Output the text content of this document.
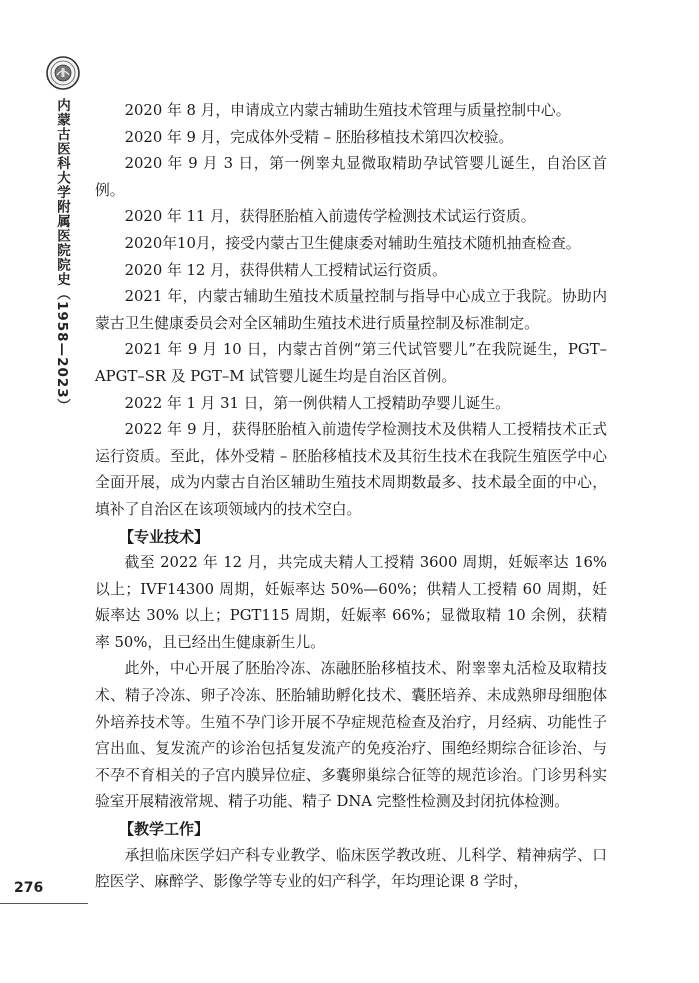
内蒙古医科大学附属医院院史（1958—2023）	2020 年 8 月，申请成立内蒙古辅助生殖技术管理与质量控制中心。

2020 年 9 月，完成体外受精 – 胚胎移植技术第四次校验。

2020 年 9 月 3 日，第一例睾丸显微取精助孕试管婴儿诞生，自治区首例。

2020 年 11 月，获得胚胎植入前遗传学检测技术试运行资质。

2020年10月，接受内蒙古卫生健康委对辅助生殖技术随机抽查检查。

2020 年 12 月，获得供精人工授精试运行资质。

2021 年，内蒙古辅助生殖技术质量控制与指导中心成立于我院。协助内蒙古卫生健康委员会对全区辅助生殖技术进行质量控制及标准制定。

2021 年 9 月 10 日，内蒙古首例“第三代试管婴儿”在我院诞生，PGT–APGT–SR 及 PGT–M 试管婴儿诞生均是自治区首例。

2022 年 1 月 31 日，第一例供精人工授精助孕婴儿诞生。

2022 年 9 月，获得胚胎植入前遗传学检测技术及供精人工授精技术正式运行资质。至此，体外受精 – 胚胎移植技术及其衍生技术在我院生殖医学中心全面开展，成为内蒙古自治区辅助生殖技术周期数最多、技术最全面的中心，填补了自治区在该项领域内的技术空白。

【专业技术】

截至 2022 年 12 月，共完成夫精人工授精 3600 周期，妊娠率达 16% 以上；IVF14300 周期，妊娠率达 50%—60%；供精人工授精 60 周期，妊娠率达 30% 以上；PGT115 周期，妊娠率 66%；显微取精 10 余例，获精率 50%，且已经出生健康新生儿。

此外，中心开展了胚胎冷冻、冻融胚胎移植技术、附睾睾丸活检及取精技术、精子冷冻、卵子冷冻、胚胎辅助孵化技术、囊胚培养、未成熟卵母细胞体外培养技术等。生殖不孕门诊开展不孕症规范检查及治疗，月经病、功能性子宫出血、复发流产的诊治包括复发流产的免疫治疗、围绝经期综合征诊治、与不孕不育相关的子宫内膜异位症、多囊卵巢综合征等的规范诊治。门诊男科实验室开展精液常规、精子功能、精子 DNA 完整性检测及封闭抗体检测。

【教学工作】

承担临床医学妇产科专业教学、临床医学教改班、儿科学、精神病学、口腔医学、麻醉学、影像学等专业的妇产科学，年均理论课 8 学时，

276
